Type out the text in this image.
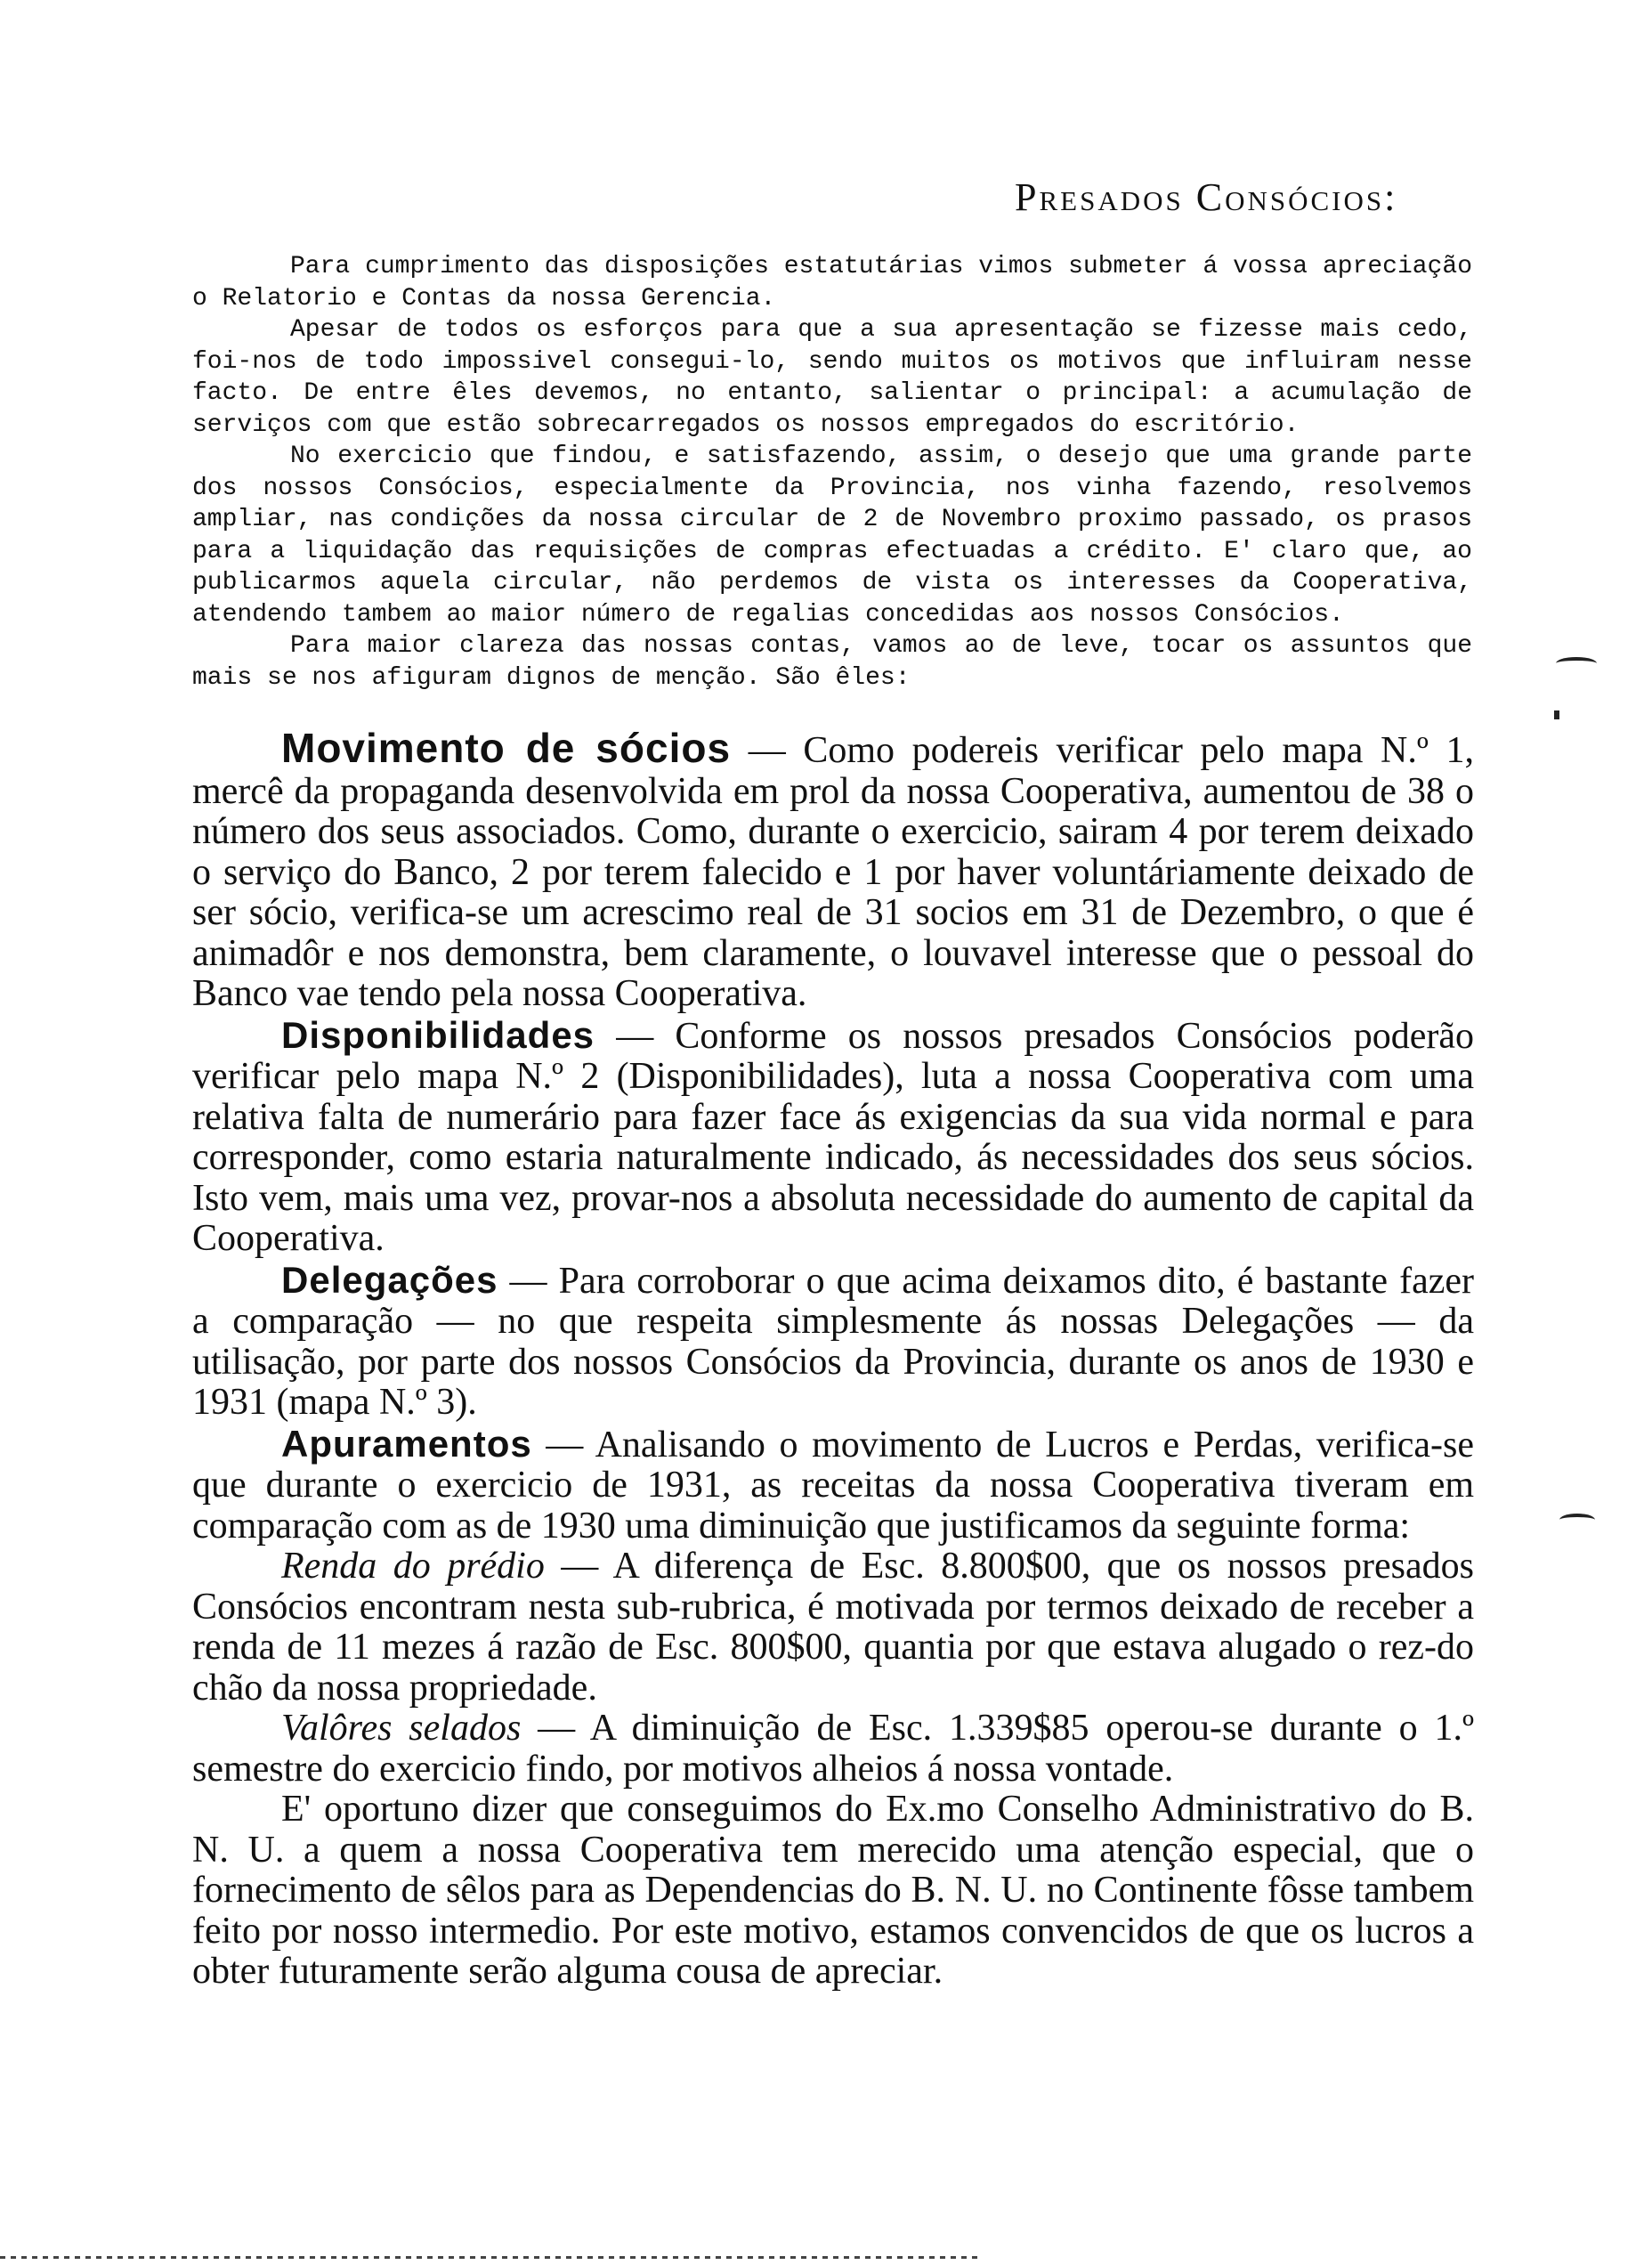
Presados Consócios:

Para cumprimento das disposições estatutárias vimos submeter á vossa apreciação o Relatorio e Contas da nossa Gerencia.

Apesar de todos os esforços para que a sua apresentação se fizesse mais cedo, foi-nos de todo impossivel consegui-lo, sendo muitos os motivos que influiram nesse facto. De entre êles devemos, no entanto, salientar o principal: a acumulação de serviços com que estão sobrecarregados os nossos empregados do escritório.

No exercicio que findou, e satisfazendo, assim, o desejo que uma grande parte dos nossos Consócios, especialmente da Provincia, nos vinha fazendo, resolvemos ampliar, nas condições da nossa circular de 2 de Novembro proximo passado, os prasos para a liquidação das requisições de compras efectuadas a crédito. E' claro que, ao publicarmos aquela circular, não perdemos de vista os interesses da Cooperativa, atendendo tambem ao maior número de regalias concedidas aos nossos Consócios.

Para maior clareza das nossas contas, vamos ao de leve, tocar os assuntos que mais se nos afiguram dignos de menção. São êles:

Movimento de sócios — Como podereis verificar pelo mapa N.º 1, mercê da propaganda desenvolvida em prol da nossa Cooperativa, aumentou de 38 o número dos seus associados. Como, durante o exercicio, sairam 4 por terem deixado o serviço do Banco, 2 por terem falecido e 1 por haver voluntáriamente deixado de ser sócio, verifica-se um acrescimo real de 31 socios em 31 de Dezembro, o que é animadôr e nos demonstra, bem claramente, o louvavel interesse que o pessoal do Banco vae tendo pela nossa Cooperativa.

Disponibilidades — Conforme os nossos presados Consócios poderão verificar pelo mapa N.º 2 (Disponibilidades), luta a nossa Cooperativa com uma relativa falta de numerário para fazer face ás exigencias da sua vida normal e para corresponder, como estaria naturalmente indicado, ás necessidades dos seus sócios. Isto vem, mais uma vez, provar-nos a absoluta necessidade do aumento de capital da Cooperativa.

Delegações — Para corroborar o que acima deixamos dito, é bastante fazer a comparação — no que respeita simplesmente ás nossas Delegações — da utilisação, por parte dos nossos Consócios da Provincia, durante os anos de 1930 e 1931 (mapa N.º 3).

Apuramentos — Analisando o movimento de Lucros e Perdas, verifica-se que durante o exercicio de 1931, as receitas da nossa Cooperativa tiveram em comparação com as de 1930 uma diminuição que justificamos da seguinte forma:

Renda do prédio — A diferença de Esc. 8.800$00, que os nossos presados Consócios encontram nesta sub-rubrica, é motivada por termos deixado de receber a renda de 11 mezes á razão de Esc. 800$00, quantia por que estava alugado o rez-do chão da nossa propriedade.

Valôres selados — A diminuição de Esc. 1.339$85 operou-se durante o 1.º semestre do exercicio findo, por motivos alheios á nossa vontade.

E' oportuno dizer que conseguimos do Ex.mo Conselho Administrativo do B. N. U. a quem a nossa Cooperativa tem merecido uma atenção especial, que o fornecimento de sêlos para as Dependencias do B. N. U. no Continente fôsse tambem feito por nosso intermedio. Por este motivo, estamos convencidos de que os lucros a obter futuramente serão alguma cousa de apreciar.
